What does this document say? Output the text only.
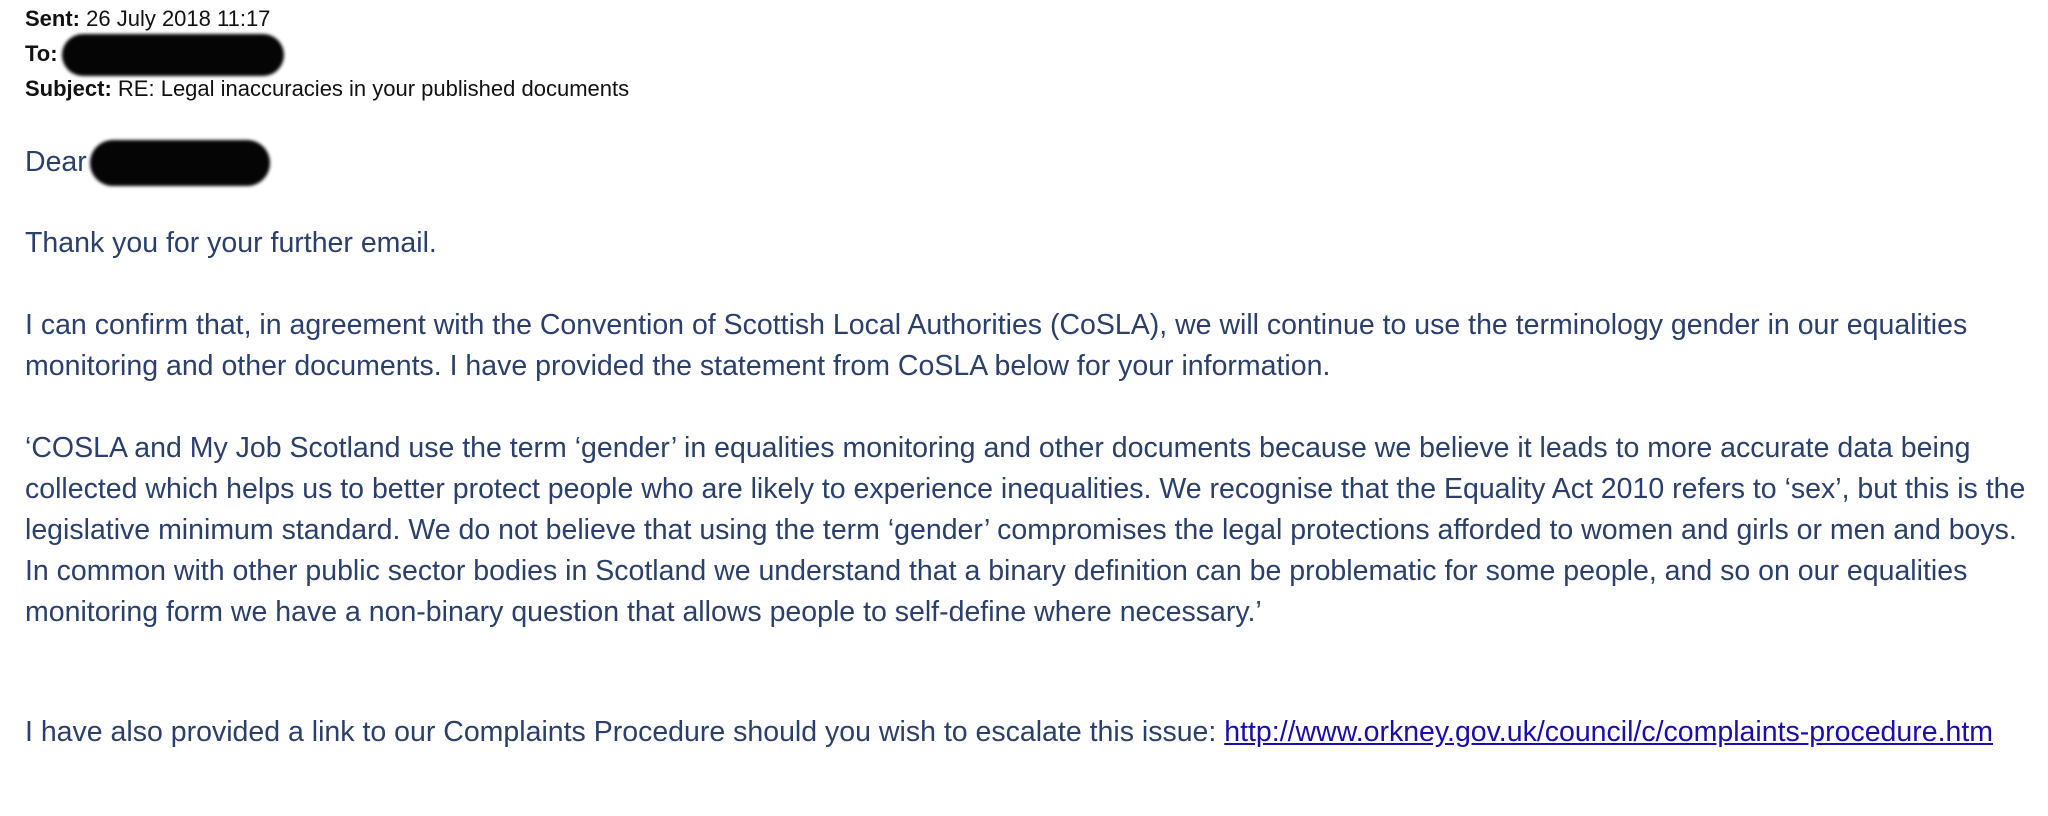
Sent: 26 July 2018 11:17
To:
Subject: RE: Legal inaccuracies in your published documents

Dear

Thank you for your further email.

I can confirm that, in agreement with the Convention of Scottish Local Authorities (CoSLA), we will continue to use the terminology gender in our equalities monitoring and other documents. I have provided the statement from CoSLA below for your information.

‘COSLA and My Job Scotland use the term ‘gender’ in equalities monitoring and other documents because we believe it leads to more accurate data being collected which helps us to better protect people who are likely to experience inequalities. We recognise that the Equality Act 2010 refers to ‘sex’, but this is the legislative minimum standard. We do not believe that using the term ‘gender’ compromises the legal protections afforded to women and girls or men and boys. In common with other public sector bodies in Scotland we understand that a binary definition can be problematic for some people, and so on our equalities monitoring form we have a non-binary question that allows people to self-define where necessary.’

I have also provided a link to our Complaints Procedure should you wish to escalate this issue: http://www.orkney.gov.uk/council/c/complaints-procedure.htm
